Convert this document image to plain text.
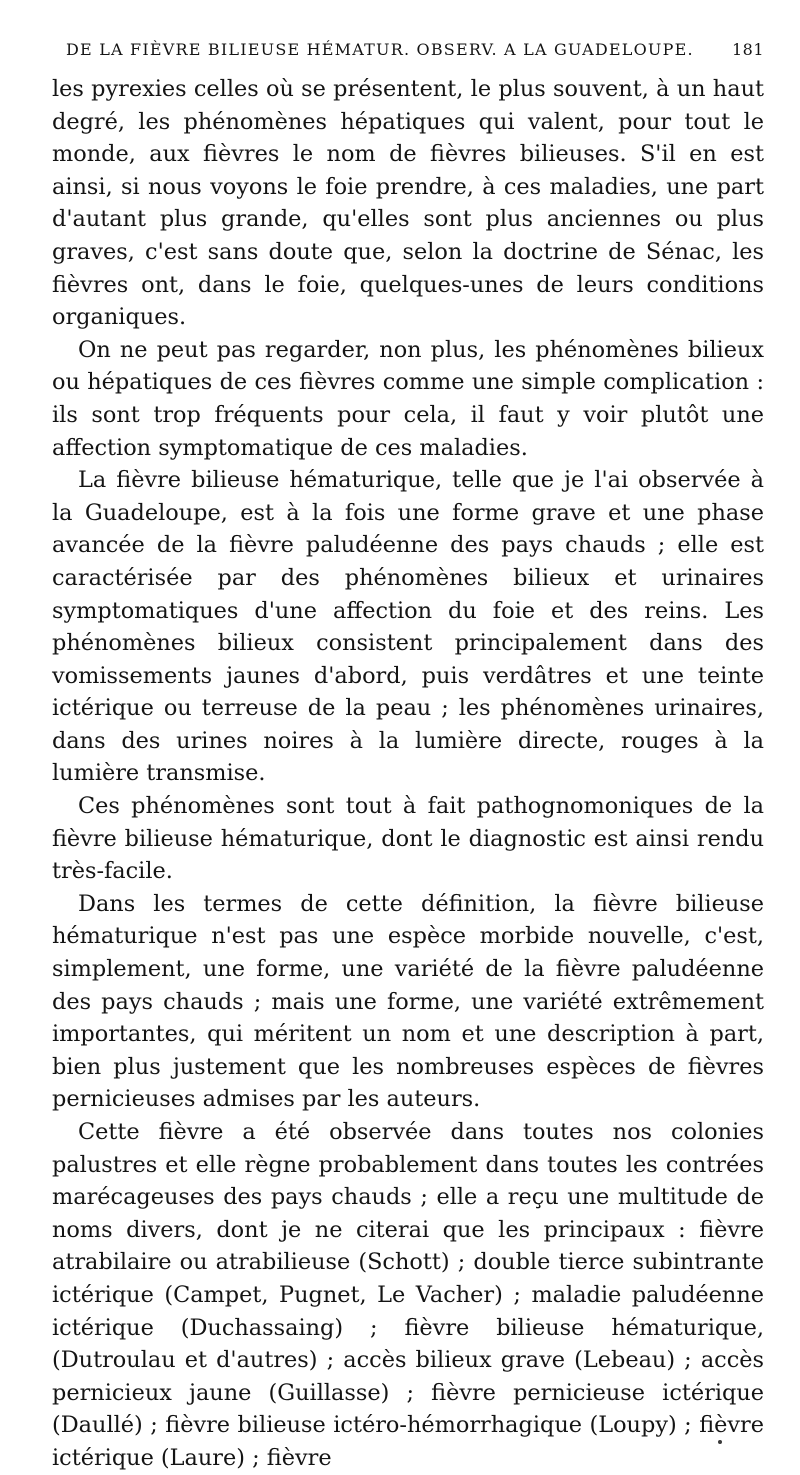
DE LA FIÈVRE BILIEUSE HÉMATUR. OBSERV. A LA GUADELOUPE. 181

les pyrexies celles où se présentent, le plus souvent, à un haut degré, les phénomènes hépatiques qui valent, pour tout le monde, aux fièvres le nom de fièvres bilieuses. S'il en est ainsi, si nous voyons le foie prendre, à ces maladies, une part d'autant plus grande, qu'elles sont plus anciennes ou plus graves, c'est sans doute que, selon la doctrine de Sénac, les fièvres ont, dans le foie, quelques-unes de leurs conditions organiques.

On ne peut pas regarder, non plus, les phénomènes bilieux ou hépatiques de ces fièvres comme une simple complication : ils sont trop fréquents pour cela, il faut y voir plutôt une affection symptomatique de ces maladies.

La fièvre bilieuse hématurique, telle que je l'ai observée à la Guadeloupe, est à la fois une forme grave et une phase avancée de la fièvre paludéenne des pays chauds ; elle est caractérisée par des phénomènes bilieux et urinaires symptomatiques d'une affection du foie et des reins. Les phénomènes bilieux consistent principalement dans des vomissements jaunes d'abord, puis verdâtres et une teinte ictérique ou terreuse de la peau ; les phénomènes urinaires, dans des urines noires à la lumière directe, rouges à la lumière transmise.

Ces phénomènes sont tout à fait pathognomoniques de la fièvre bilieuse hématurique, dont le diagnostic est ainsi rendu très-facile.

Dans les termes de cette définition, la fièvre bilieuse hématurique n'est pas une espèce morbide nouvelle, c'est, simplement, une forme, une variété de la fièvre paludéenne des pays chauds ; mais une forme, une variété extrêmement importantes, qui méritent un nom et une description à part, bien plus justement que les nombreuses espèces de fièvres pernicieuses admises par les auteurs.

Cette fièvre a été observée dans toutes nos colonies palustres et elle règne probablement dans toutes les contrées marécageuses des pays chauds ; elle a reçu une multitude de noms divers, dont je ne citerai que les principaux : fièvre atrabilaire ou atrabilieuse (Schott) ; double tierce subintrante ictérique (Campet, Pugnet, Le Vacher) ; maladie paludéenne ictérique (Duchassaing) ; fièvre bilieuse hématurique, (Dutroulau et d'autres) ; accès bilieux grave (Lebeau) ; accès pernicieux jaune (Guillasse) ; fièvre pernicieuse ictérique (Daullé) ; fièvre bilieuse ictéro-hémorrhagique (Loupy) ; fièvre ictérique (Laure) ; fièvre
